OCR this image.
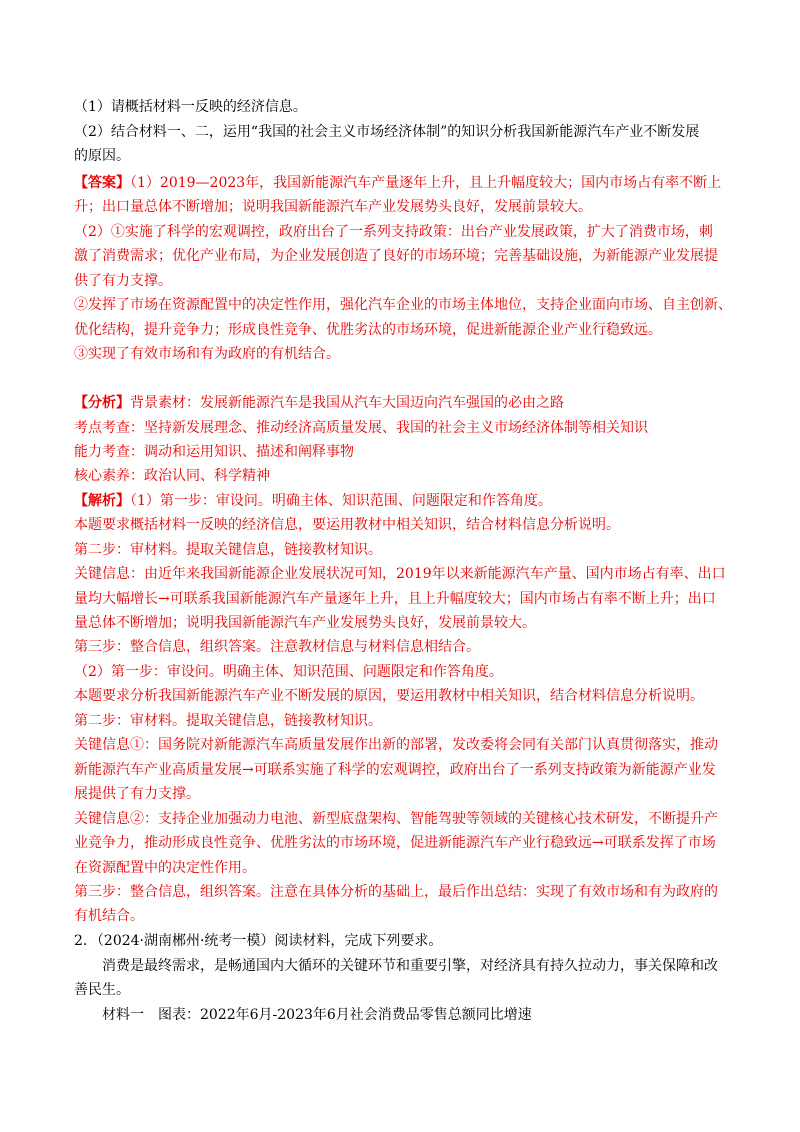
（1）请概括材料一反映的经济信息。
（2）结合材料一、二，运用“我国的社会主义市场经济体制”的知识分析我国新能源汽车产业不断发展
的原因。
【答案】（1）2019—2023年，我国新能源汽车产量逐年上升，且上升幅度较大；国内市场占有率不断上
升；出口量总体不断增加；说明我国新能源汽车产业发展势头良好，发展前景较大。
（2）①实施了科学的宏观调控，政府出台了一系列支持政策：出台产业发展政策，扩大了消费市场，刺
激了消费需求；优化产业布局，为企业发展创造了良好的市场环境；完善基础设施，为新能源产业发展提
供了有力支撑。
②发挥了市场在资源配置中的决定性作用，强化汽车企业的市场主体地位，支持企业面向市场、自主创新、
优化结构，提升竞争力；形成良性竞争、优胜劣汰的市场环境，促进新能源企业产业行稳致远。
③实现了有效市场和有为政府的有机结合。
【分析】背景素材：发展新能源汽车是我国从汽车大国迈向汽车强国的必由之路
考点考查：坚持新发展理念、推动经济高质量发展、我国的社会主义市场经济体制等相关知识
能力考查：调动和运用知识、描述和阐释事物
核心素养：政治认同、科学精神
【解析】（1）第一步：审设问。明确主体、知识范围、问题限定和作答角度。
本题要求概括材料一反映的经济信息，要运用教材中相关知识，结合材料信息分析说明。
第二步：审材料。提取关键信息，链接教材知识。
关键信息：由近年来我国新能源企业发展状况可知，2019年以来新能源汽车产量、国内市场占有率、出口
量均大幅增长→可联系我国新能源汽车产量逐年上升，且上升幅度较大；国内市场占有率不断上升；出口
量总体不断增加；说明我国新能源汽车产业发展势头良好，发展前景较大。
第三步：整合信息，组织答案。注意教材信息与材料信息相结合。
（2）第一步：审设问。明确主体、知识范围、问题限定和作答角度。
本题要求分析我国新能源汽车产业不断发展的原因，要运用教材中相关知识，结合材料信息分析说明。
第二步：审材料。提取关键信息，链接教材知识。
关键信息①：国务院对新能源汽车高质量发展作出新的部署，发改委将会同有关部门认真贯彻落实，推动
新能源汽车产业高质量发展→可联系实施了科学的宏观调控，政府出台了一系列支持政策为新能源产业发
展提供了有力支撑。
关键信息②：支持企业加强动力电池、新型底盘架构、智能驾驶等领域的关键核心技术研发，不断提升产
业竞争力，推动形成良性竞争、优胜劣汰的市场环境，促进新能源汽车产业行稳致远→可联系发挥了市场
在资源配置中的决定性作用。
第三步：整合信息，组织答案。注意在具体分析的基础上，最后作出总结：实现了有效市场和有为政府的
有机结合。
2．（2024·湖南郴州·统考一模）阅读材料，完成下列要求。
消费是最终需求，是畅通国内大循环的关键环节和重要引擎，对经济具有持久拉动力，事关保障和改
善民生。
材料一　图表：2022年6月-2023年6月社会消费品零售总额同比增速
